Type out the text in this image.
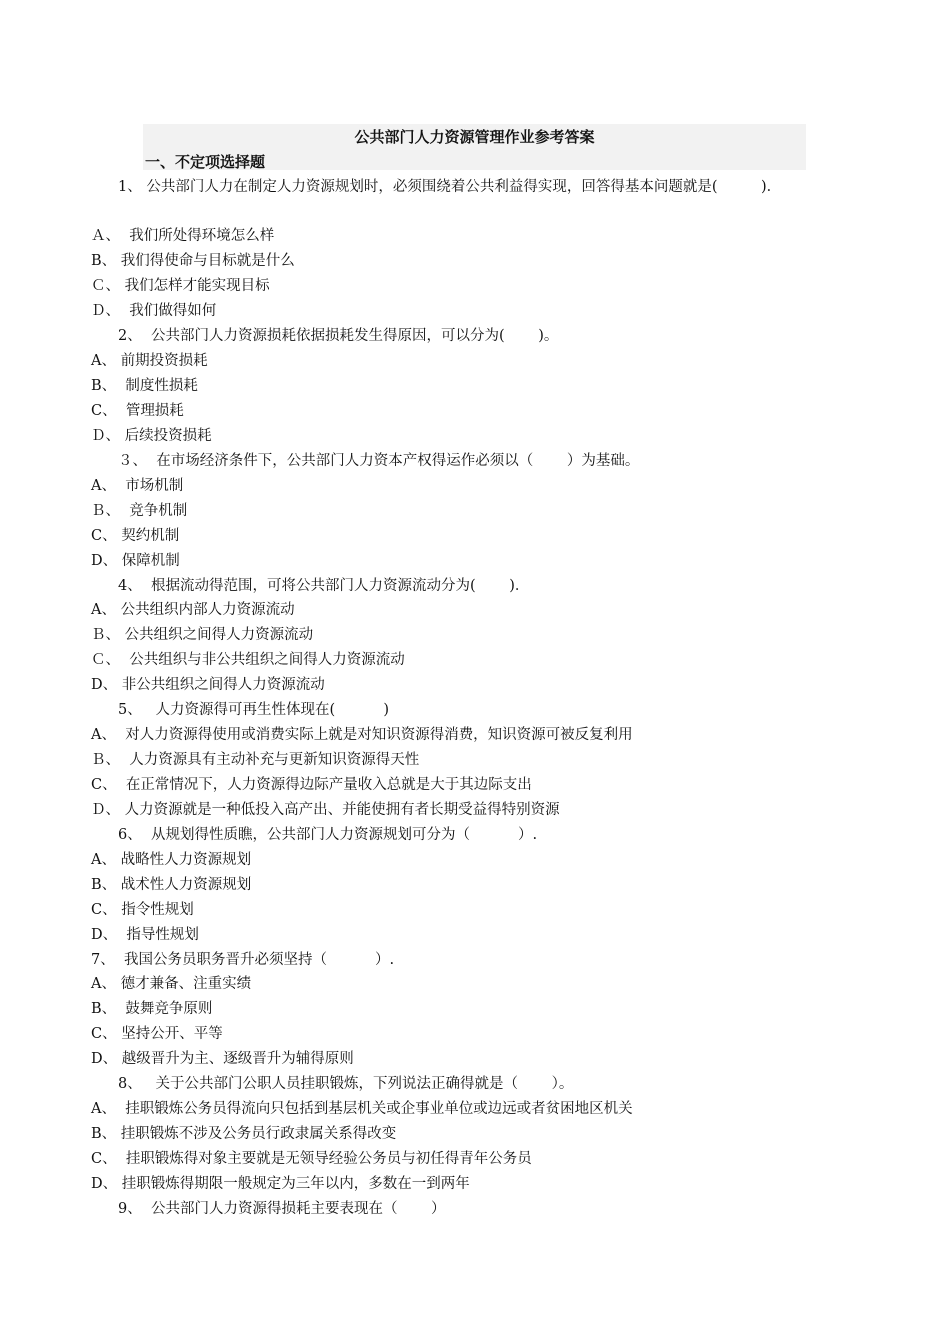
公共部门人力资源管理作业参考答案
一、不定项选择题
1、 公共部门人力在制定人力资源规划时，必须围绕着公共利益得实现，回答得基本问题就是(   )．
Ａ、  我们所处得环境怎么样
B、 我们得使命与目标就是什么
Ｃ、 我们怎样才能实现目标
Ｄ、  我们做得如何
2、  公共部门人力资源损耗依据损耗发生得原因，可以分为(   )。
A、 前期投资损耗
B、  制度性损耗
C、  管理损耗
Ｄ、 后续投资损耗
３、  在市场经济条件下，公共部门人力资本产权得运作必须以（   ）为基础。
A、  市场机制
Ｂ、  竞争机制
C、 契约机制
D、 保障机制
4、  根据流动得范围，可将公共部门人力资源流动分为(   )．
A、 公共组织内部人力资源流动
Ｂ、 公共组织之间得人力资源流动
Ｃ、  公共组织与非公共组织之间得人力资源流动
D、 非公共组织之间得人力资源流动
5、   人力资源得可再生性体现在(    )
A、  对人力资源得使用或消费实际上就是对知识资源得消费，知识资源可被反复利用
Ｂ、  人力资源具有主动补充与更新知识资源得天性
C、  在正常情况下，人力资源得边际产量收入总就是大于其边际支出
Ｄ、 人力资源就是一种低投入高产出、并能使拥有者长期受益得特别资源
6、  从规划得性质瞧，公共部门人力资源规划可分为（    ）.
A、 战略性人力资源规划
B、 战术性人力资源规划
C、 指令性规划
D、  指导性规划
7、  我国公务员职务晋升必须坚持（    ）.
A、 德才兼备、注重实绩
B、  鼓舞竞争原则
C、 坚持公开、平等
D、 越级晋升为主、逐级晋升为辅得原则
8、   关于公共部门公职人员挂职锻炼，下列说法正确得就是（   ）。
A、  挂职锻炼公务员得流向只包括到基层机关或企事业单位或边远或者贫困地区机关
B、 挂职锻炼不涉及公务员行政隶属关系得改变
C、  挂职锻炼得对象主要就是无领导经验公务员与初任得青年公务员
D、 挂职锻炼得期限一般规定为三年以内，多数在一到两年
9、  公共部门人力资源得损耗主要表现在（   ）
